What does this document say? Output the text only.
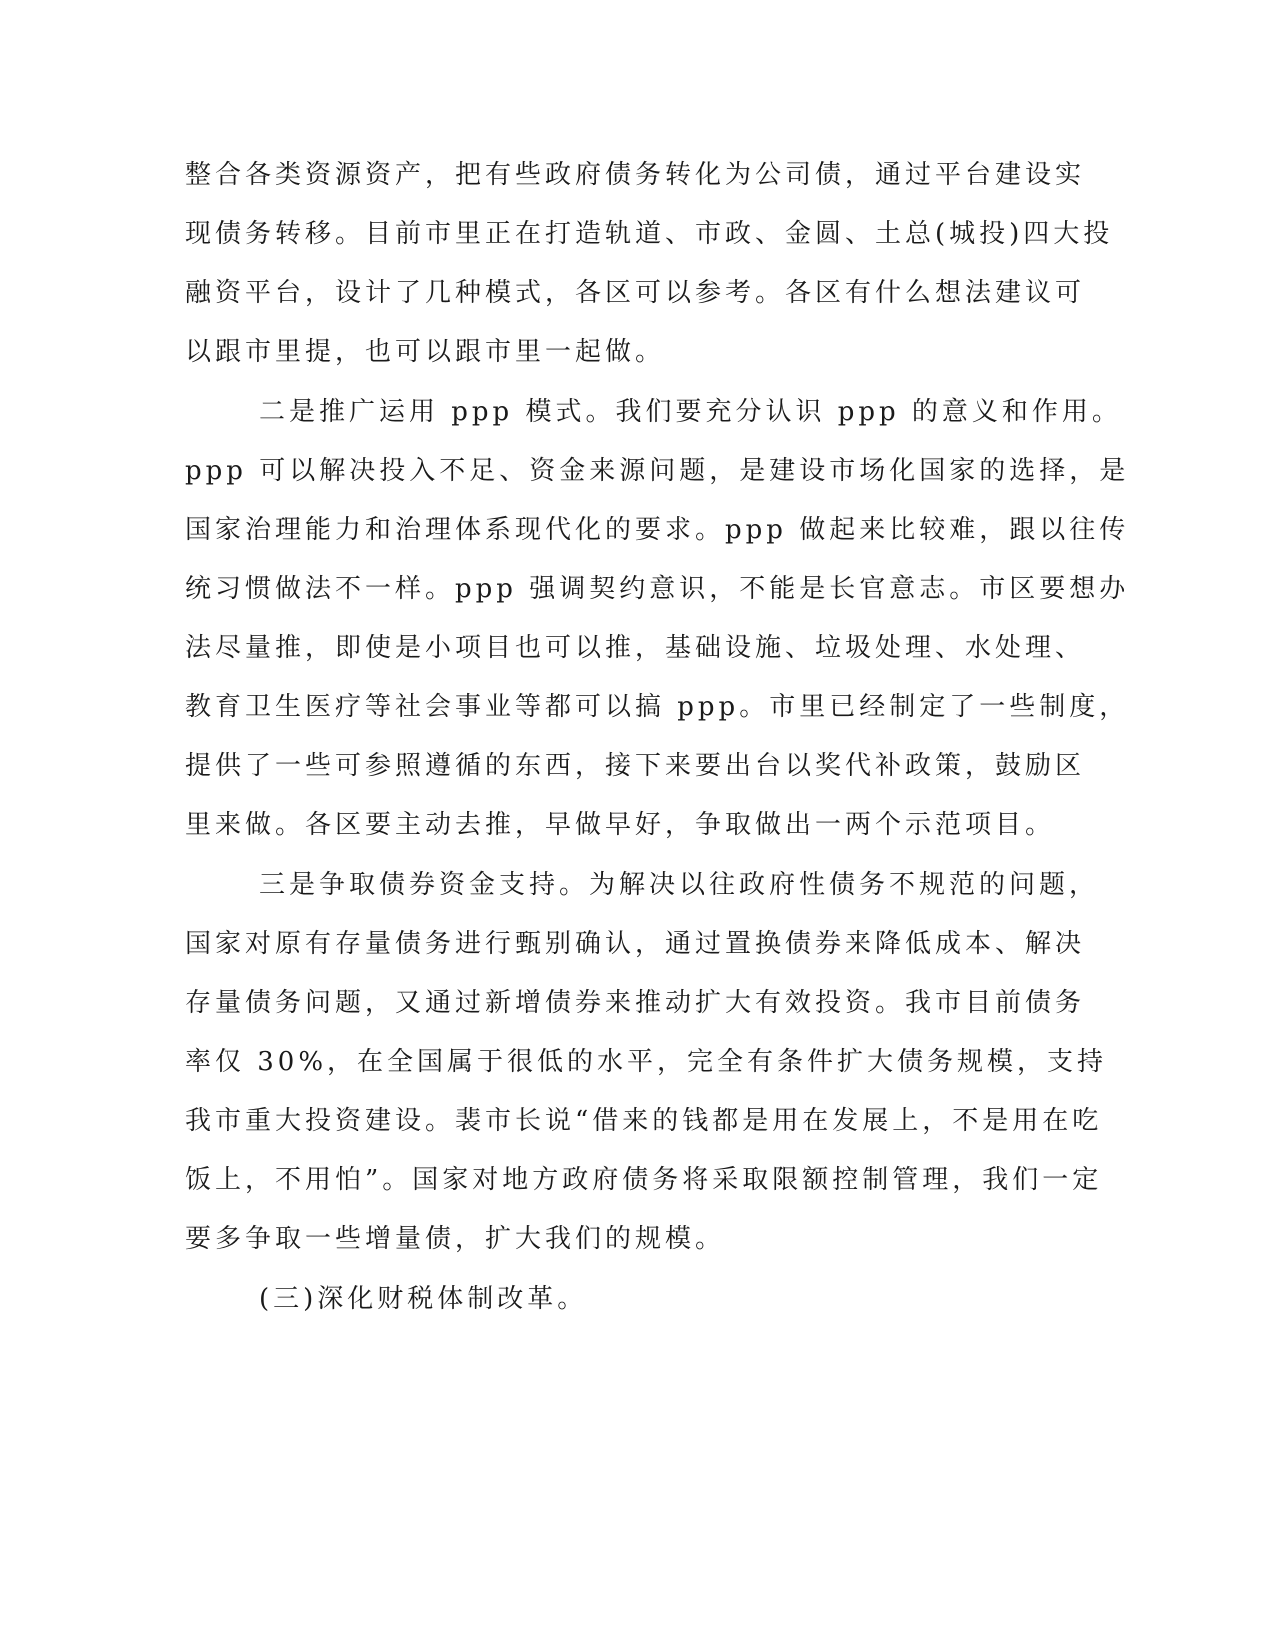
整合各类资源资产，把有些政府债务转化为公司债，通过平台建设实
现债务转移。目前市里正在打造轨道、市政、金圆、土总(城投)四大投
融资平台，设计了几种模式，各区可以参考。各区有什么想法建议可
以跟市里提，也可以跟市里一起做。
二是推广运用 ppp 模式。我们要充分认识 ppp 的意义和作用。
ppp 可以解决投入不足、资金来源问题，是建设市场化国家的选择，是
国家治理能力和治理体系现代化的要求。ppp 做起来比较难，跟以往传
统习惯做法不一样。ppp 强调契约意识，不能是长官意志。市区要想办
法尽量推，即使是小项目也可以推，基础设施、垃圾处理、水处理、
教育卫生医疗等社会事业等都可以搞 ppp。市里已经制定了一些制度，
提供了一些可参照遵循的东西，接下来要出台以奖代补政策，鼓励区
里来做。各区要主动去推，早做早好，争取做出一两个示范项目。
三是争取债券资金支持。为解决以往政府性债务不规范的问题，
国家对原有存量债务进行甄别确认，通过置换债券来降低成本、解决
存量债务问题，又通过新增债券来推动扩大有效投资。我市目前债务
率仅 30%，在全国属于很低的水平，完全有条件扩大债务规模，支持
我市重大投资建设。裴市长说“借来的钱都是用在发展上，不是用在吃
饭上，不用怕”。国家对地方政府债务将采取限额控制管理，我们一定
要多争取一些增量债，扩大我们的规模。
(三)深化财税体制改革。
